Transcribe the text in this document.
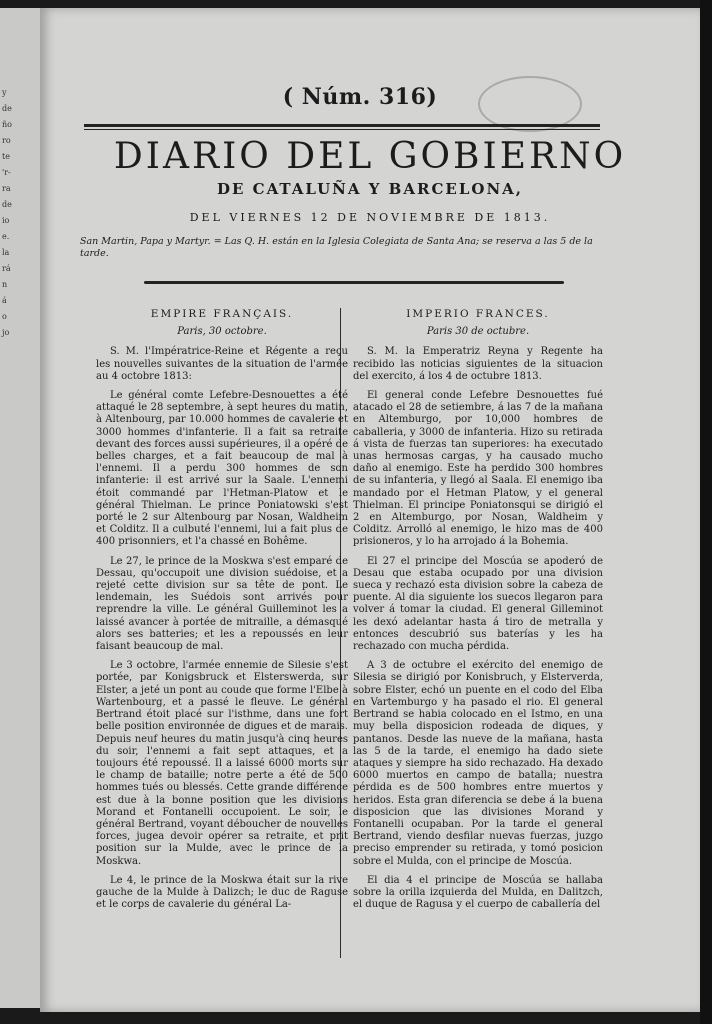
y
de
ño
ro
te
'r-
ra
de
io
e.
la
rá
n
á
o
jo
( Núm. 316)
DIARIO DEL GOBIERNO
DE CATALUÑA Y BARCELONA,
DEL VIERNES 12 DE NOVIEMBRE DE 1813.
San Martin, Papa y Martyr. = Las Q. H. están en la Iglesia Colegiata de Santa Ana; se reserva a las 5 de la tarde.
EMPIRE FRANÇAIS.
Paris, 30 octobre.

S. M. l'Impératrice-Reine et Régente a reçu les nouvelles suivantes de la situation de l'armée au 4 octobre 1813:

Le général comte Lefebre-Desnouettes a été attaqué le 28 septembre, à sept heures du matin, à Altenbourg, par 10.000 hommes de cavalerie et 3000 hommes d'infanterie. Il a fait sa retraite devant des forces aussi supérieures, il a opéré de belles charges, et a fait beaucoup de mal à l'ennemi. Il a perdu 300 hommes de son infanterie: il est arrivé sur la Saale. L'ennemi étoit commandé par l'Hetman-Platow et le général Thielman. Le prince Poniatowski s'est porté le 2 sur Altenbourg par Nosan, Waldheim et Colditz. Il a culbuté l'ennemi, lui a fait plus de 400 prisonniers, et l'a chassé en Bohême.

Le 27, le prince de la Moskwa s'est emparé de Dessau, qu'occupoit une division suédoise, et a rejeté cette division sur sa tête de pont. Le lendemain, les Suédois sont arrivés pour reprendre la ville. Le général Guilleminot les a laissé avancer à portée de mitraille, a démasqué alors ses batteries; et les a repoussés en leur faisant beaucoup de mal.

Le 3 octobre, l'armée ennemie de Silesie s'est portée, par Konigsbruck et Elsterswerda, sur Elster, a jeté un pont au coude que forme l'Elbe à Wartenbourg, et a passé le fleuve. Le général Bertrand étoit placé sur l'isthme, dans une fort belle position environnée de digues et de marais. Depuis neuf heures du matin jusqu'à cinq heures du soir, l'ennemi a fait sept attaques, et a toujours été repoussé. Il a laissé 6000 morts sur le champ de bataille; notre perte a été de 500 hommes tués ou blessés. Cette grande différence est due à la bonne position que les divisions Morand et Fontanelli occupoient. Le soir, le général Bertrand, voyant déboucher de nouvelles forces, jugea devoir opérer sa retraite, et prit position sur la Mulde, avec le prince de la Moskwa.

Le 4, le prince de la Moskwa était sur la rive gauche de la Mulde à Dalizch; le duc de Raguse et le corps de cavalerie du général La-

IMPERIO FRANCES.
Paris 30 de octubre.

S. M. la Emperatriz Reyna y Regente ha recibido las noticias siguientes de la situacion del exercito, á los 4 de octubre 1813.

El general conde Lefebre Desnouettes fué atacado el 28 de setiembre, á las 7 de la mañana en Altemburgo, por 10,000 hombres de caballeria, y 3000 de infanteria. Hizo su retirada á vista de fuerzas tan superiores: ha executado unas hermosas cargas, y ha causado mucho daño al enemigo. Este ha perdido 300 hombres de su infanteria, y llegó al Saala. El enemigo iba mandado por el Hetman Platow, y el general Thielman. El principe Poniatonsqui se dirigió el 2 en Altemburgo, por Nosan, Waldheim y Colditz. Arrolló al enemigo, le hizo mas de 400 prisioneros, y lo ha arrojado á la Bohemia.

El 27 el principe del Moscúa se apoderó de Desau que estaba ocupado por una division sueca y rechazó esta division sobre la cabeza de puente. Al dia siguiente los suecos llegaron para volver á tomar la ciudad. El general Gilleminot les dexó adelantar hasta á tiro de metralla y entonces descubrió sus baterías y les ha rechazado con mucha pérdida.

A 3 de octubre el exército del enemigo de Silesia se dirigió por Konisbruch, y Elsterverda, sobre Elster, echó un puente en el codo del Elba en Vartemburgo y ha pasado el rio. El general Bertrand se habia colocado en el Istmo, en una muy bella disposicion rodeada de diques, y pantanos. Desde las nueve de la mañana, hasta las 5 de la tarde, el enemigo ha dado siete ataques y siempre ha sido rechazado. Ha dexado 6000 muertos en campo de batalla; nuestra pérdida es de 500 hombres entre muertos y heridos. Esta gran diferencia se debe á la buena disposicion que las divisiones Morand y Fontanelli ocupaban. Por la tarde el general Bertrand, viendo desfilar nuevas fuerzas, juzgo preciso emprender su retirada, y tomó posicion sobre el Mulda, con el principe de Moscúa.

El dia 4 el principe de Moscúa se hallaba sobre la orilla izquierda del Mulda, en Dalitzch, el duque de Ragusa y el cuerpo de caballería del
